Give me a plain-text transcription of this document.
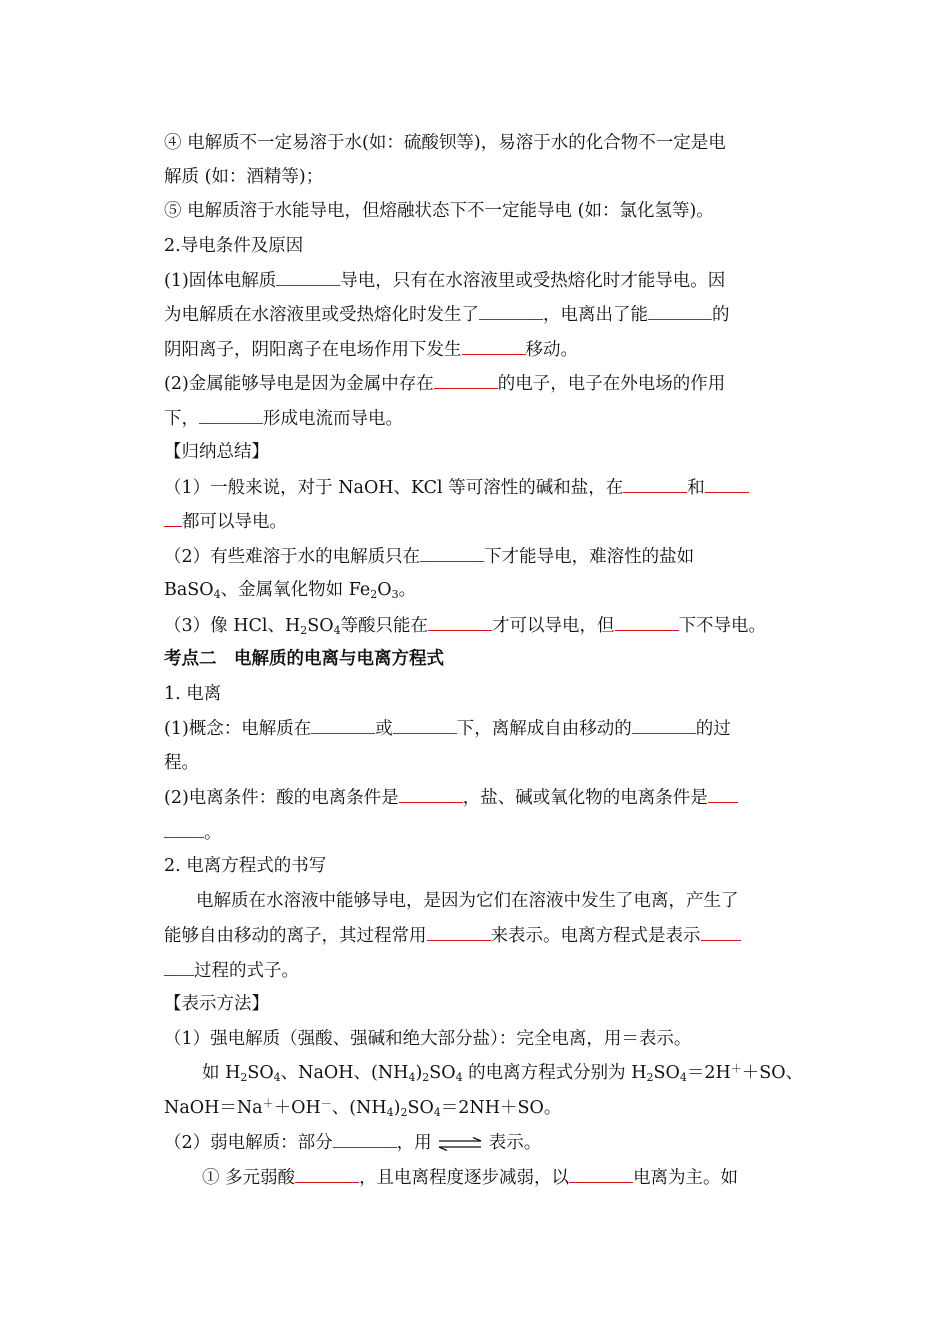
④ 电解质不一定易溶于水(如：硫酸钡等)，易溶于水的化合物不一定是电
解质 (如：酒精等)；
⑤ 电解质溶于水能导电，但熔融状态下不一定能导电 (如：氯化氢等)。
2.导电条件及原因
(1)固体电解质	导电，只有在水溶液里或受热熔化时才能导电。因
为电解质在水溶液里或受热熔化时发生了	，电离出了能	的
阴阳离子，阴阳离子在电场作用下发生	移动。
(2)金属能够导电是因为金属中存在	的电子，电子在外电场的作用
下，	形成电流而导电。
【归纳总结】
（1）一般来说，对于 NaOH、KCl 等可溶性的碱和盐，在	和
都可以导电。
（2）有些难溶于水的电解质只在	下才能导电，难溶性的盐如
BaSO$_4$、金属氧化物如 $Fe_2O_3$。
（3）像 HCl、$H_2SO_4$等酸只能在	才可以导电，但	下不导电。
考点二　电解质的电离与电离方程式
1. 电离
(1)概念：电解质在	或	下，离解成自由移动的	的过
程。
(2)电离条件：酸的电离条件是	，盐、碱或氧化物的电离条件是
。
2. 电离方程式的书写
电解质在水溶液中能够导电，是因为它们在溶液中发生了电离，产生了
能够自由移动的离子，其过程常用	来表示。电离方程式是表示
过程的式子。
【表示方法】
（1）强电解质（强酸、强碱和绝大部分盐）：完全电离，用＝表示。
如 $H_2SO_4$、NaOH、$(NH_4)_2SO_4$ 的电离方程式分别为 $H_2SO_4=2H^++SO$、
NaOH＝Na＋＋OH－、$(NH_4)_2SO_4=2NH+SO$。
（2）弱电解质：部分	，用 ⇌ 表示。
① 多元弱酸	，且电离程度逐步减弱，以	电离为主。如
